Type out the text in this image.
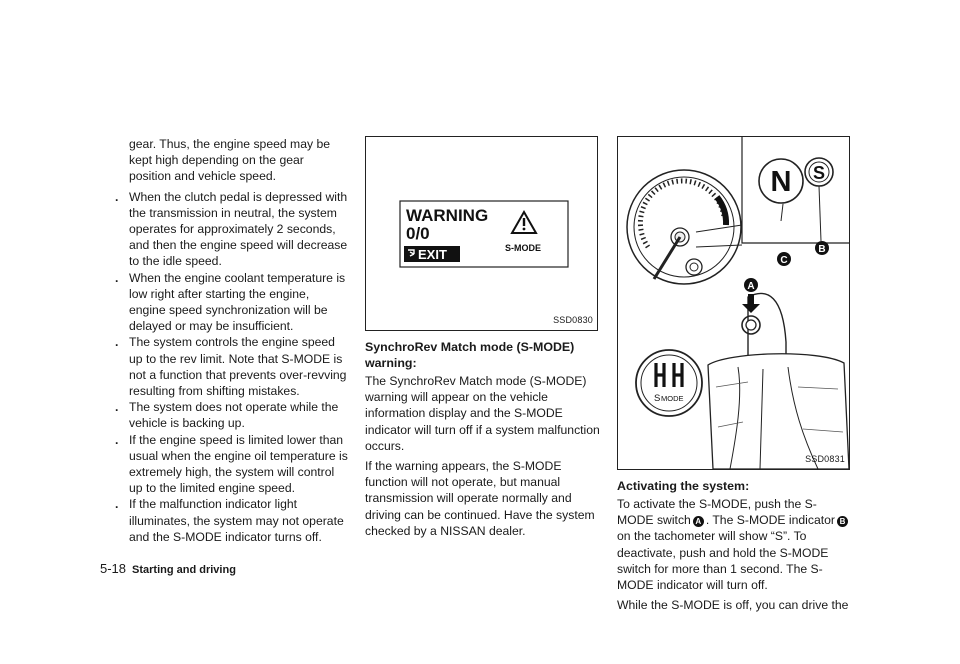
gear. Thus, the engine speed may be kept high depending on the gear position and vehicle speed.

. When the clutch pedal is depressed with the transmission in neutral, the system operates for approximately 2 seconds, and then the engine speed will decrease to the idle speed.
. When the engine coolant temperature is low right after starting the engine, engine speed synchronization will be delayed or may be insufficient.
. The system controls the engine speed up to the rev limit. Note that S-MODE is not a function that prevents over-revving resulting from shifting mistakes.
. The system does not operate while the vehicle is backing up.
. If the engine speed is limited lower than usual when the engine oil temperature is extremely high, the system will control up to the limited engine speed.
. If the malfunction indicator light illuminates, the system may not operate and the S-MODE indicator turns off.
WARNING
0/0
EXIT	S-MODE
SSD0830
SynchroRev Match mode (S-MODE) warning:

The SynchroRev Match mode (S-MODE) warning will appear on the vehicle information display and the S-MODE indicator will turn off if a system malfunction occurs.

If the warning appears, the S-MODE function will not operate, but manual transmission will operate normally and driving can be continued. Have the system checked by a NISSAN dealer.

N S
B
C
A
S MODE
SSD0831
Activating the system:

To activate the S-MODE, push the S-MODE switch A . The S-MODE indicator Bon the tachometer will show “S”. To deactivate, push and hold the S-MODE switch for more than 1 second. The S-MODE indicator will turn off.

While the S-MODE is off, you can drive the

5-18 Starting and driving
